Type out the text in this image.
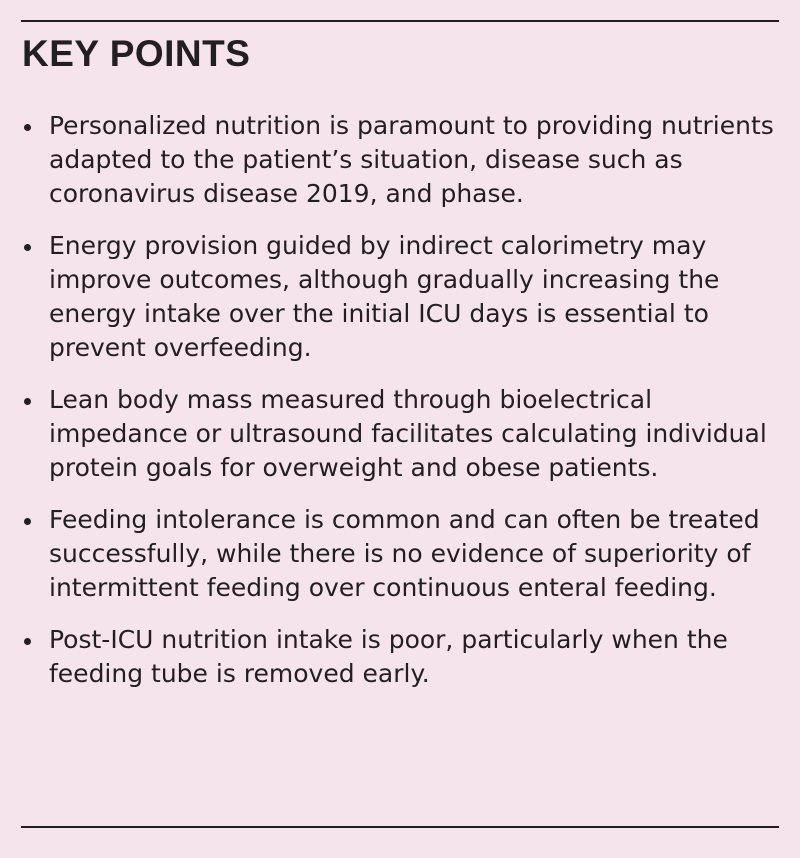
KEY POINTS
Personalized nutrition is paramount to providing nutrients adapted to the patient’s situation, disease such as coronavirus disease 2019, and phase.
Energy provision guided by indirect calorimetry may improve outcomes, although gradually increasing the energy intake over the initial ICU days is essential to prevent overfeeding.
Lean body mass measured through bioelectrical impedance or ultrasound facilitates calculating individual protein goals for overweight and obese patients.
Feeding intolerance is common and can often be treated successfully, while there is no evidence of superiority of intermittent feeding over continuous enteral feeding.
Post-ICU nutrition intake is poor, particularly when the feeding tube is removed early.
